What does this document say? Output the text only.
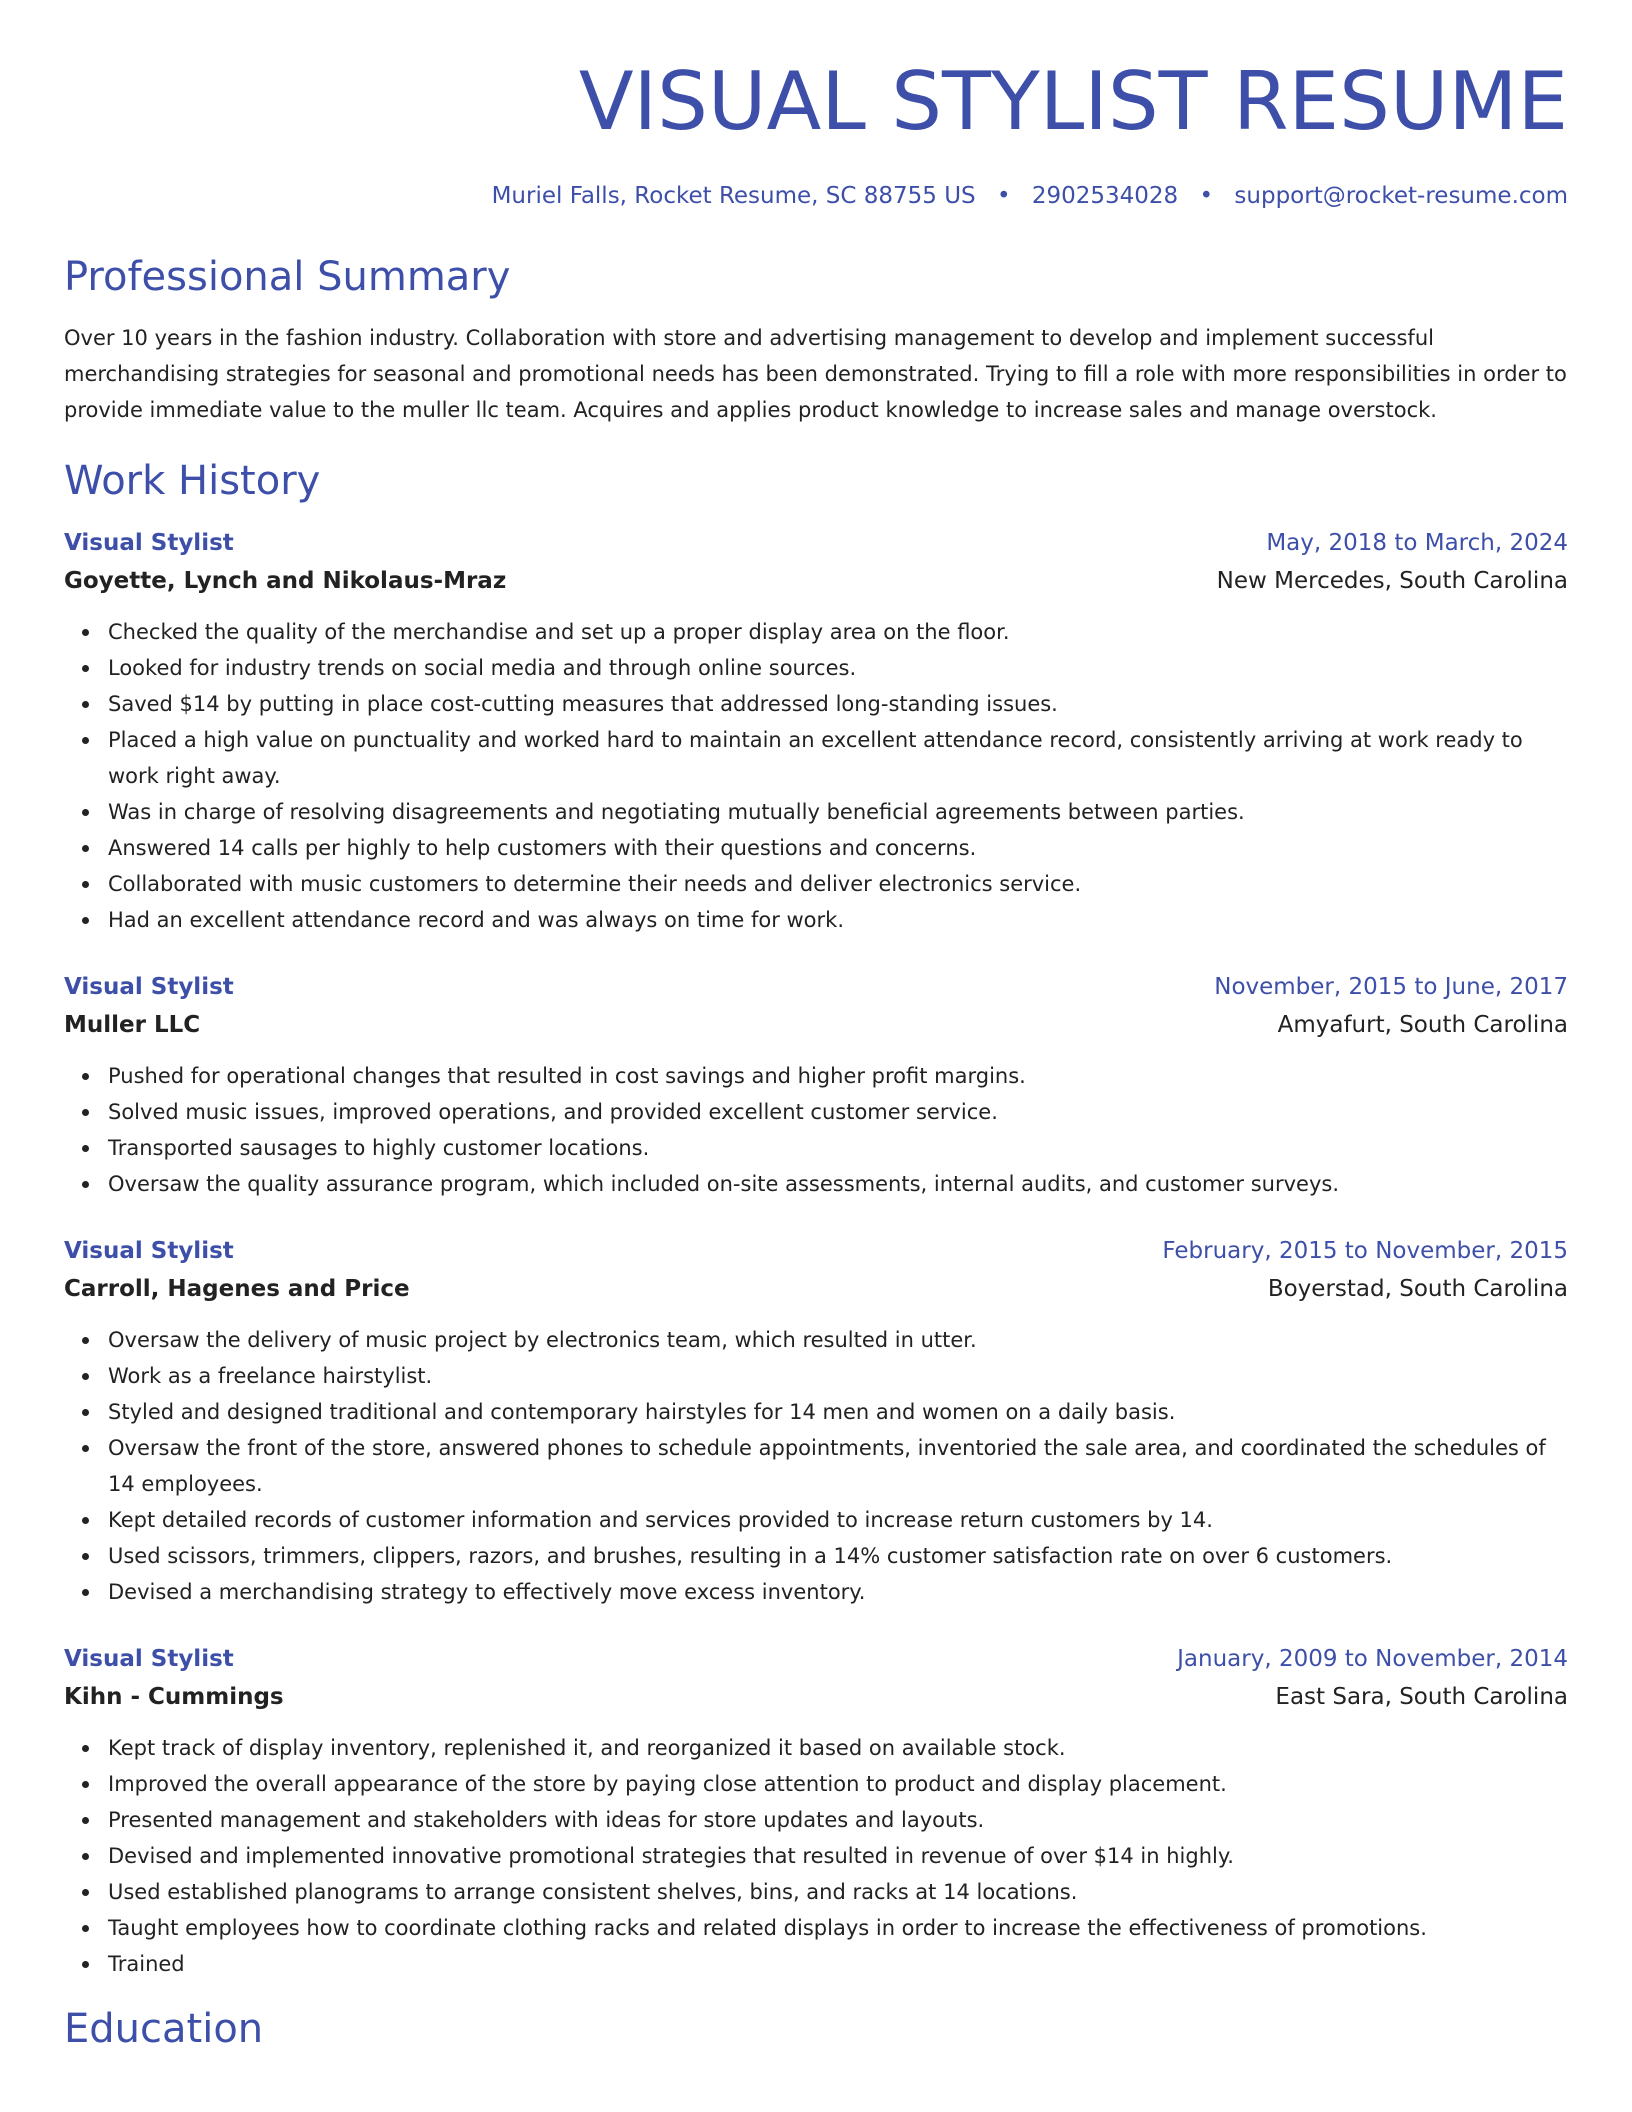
VISUAL STYLIST RESUME
Muriel Falls, Rocket Resume, SC 88755 US • 2902534028 • support@rocket-resume.com
Professional Summary

Over 10 years in the fashion industry. Collaboration with store and advertising management to develop and implement successful merchandising strategies for seasonal and promotional needs has been demonstrated. Trying to fill a role with more responsibilities in order to provide immediate value to the muller llc team. Acquires and applies product knowledge to increase sales and manage overstock.

Work History
Visual Stylist	May, 2018 to March, 2024
Goyette, Lynch and Nikolaus-Mraz	New Mercedes, South Carolina
Checked the quality of the merchandise and set up a proper display area on the floor.
Looked for industry trends on social media and through online sources.
Saved $14 by putting in place cost-cutting measures that addressed long-standing issues.
Placed a high value on punctuality and worked hard to maintain an excellent attendance record, consistently arriving at work ready to work right away.
Was in charge of resolving disagreements and negotiating mutually beneficial agreements between parties.
Answered 14 calls per highly to help customers with their questions and concerns.
Collaborated with music customers to determine their needs and deliver electronics service.
Had an excellent attendance record and was always on time for work.
Visual Stylist	November, 2015 to June, 2017
Muller LLC	Amyafurt, South Carolina
Pushed for operational changes that resulted in cost savings and higher profit margins.
Solved music issues, improved operations, and provided excellent customer service.
Transported sausages to highly customer locations.
Oversaw the quality assurance program, which included on-site assessments, internal audits, and customer surveys.
Visual Stylist	February, 2015 to November, 2015
Carroll, Hagenes and Price	Boyerstad, South Carolina
Oversaw the delivery of music project by electronics team, which resulted in utter.
Work as a freelance hairstylist.
Styled and designed traditional and contemporary hairstyles for 14 men and women on a daily basis.
Oversaw the front of the store, answered phones to schedule appointments, inventoried the sale area, and coordinated the schedules of 14 employees.
Kept detailed records of customer information and services provided to increase return customers by 14.
Used scissors, trimmers, clippers, razors, and brushes, resulting in a 14% customer satisfaction rate on over 6 customers.
Devised a merchandising strategy to effectively move excess inventory.
Visual Stylist	January, 2009 to November, 2014
Kihn - Cummings	East Sara, South Carolina
Kept track of display inventory, replenished it, and reorganized it based on available stock.
Improved the overall appearance of the store by paying close attention to product and display placement.
Presented management and stakeholders with ideas for store updates and layouts.
Devised and implemented innovative promotional strategies that resulted in revenue of over $14 in highly.
Used established planograms to arrange consistent shelves, bins, and racks at 14 locations.
Taught employees how to coordinate clothing racks and related displays in order to increase the effectiveness of promotions.
Trained
Education
